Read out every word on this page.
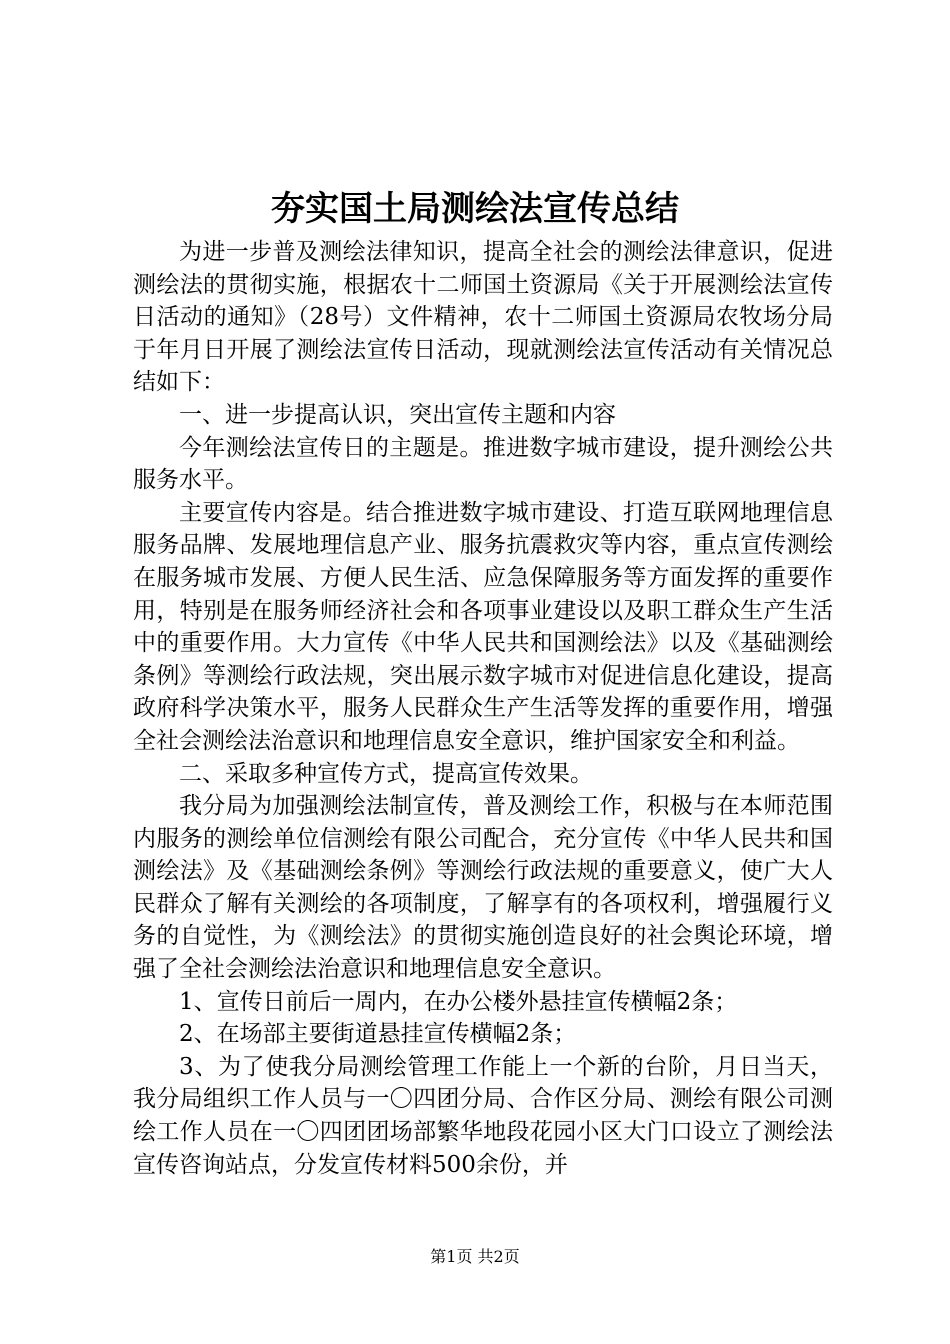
夯实国土局测绘法宣传总结

为进一步普及测绘法律知识，提高全社会的测绘法律意识，促进测绘法的贯彻实施，根据农十二师国土资源局《关于开展测绘法宣传日活动的通知》（28号）文件精神，农十二师国土资源局农牧场分局于年月日开展了测绘法宣传日活动，现就测绘法宣传活动有关情况总结如下：

一、进一步提高认识，突出宣传主题和内容

今年测绘法宣传日的主题是。推进数字城市建设，提升测绘公共服务水平。

主要宣传内容是。结合推进数字城市建设、打造互联网地理信息服务品牌、发展地理信息产业、服务抗震救灾等内容，重点宣传测绘在服务城市发展、方便人民生活、应急保障服务等方面发挥的重要作用，特别是在服务师经济社会和各项事业建设以及职工群众生产生活中的重要作用。大力宣传《中华人民共和国测绘法》以及《基础测绘条例》等测绘行政法规，突出展示数字城市对促进信息化建设，提高政府科学决策水平，服务人民群众生产生活等发挥的重要作用，增强全社会测绘法治意识和地理信息安全意识，维护国家安全和利益。

二、采取多种宣传方式，提高宣传效果。

我分局为加强测绘法制宣传，普及测绘工作，积极与在本师范围内服务的测绘单位信测绘有限公司配合，充分宣传《中华人民共和国测绘法》及《基础测绘条例》等测绘行政法规的重要意义，使广大人民群众了解有关测绘的各项制度，了解享有的各项权利，增强履行义务的自觉性，为《测绘法》的贯彻实施创造良好的社会舆论环境，增强了全社会测绘法治意识和地理信息安全意识。

1、宣传日前后一周内，在办公楼外悬挂宣传横幅2条；

2、在场部主要街道悬挂宣传横幅2条；

3、为了使我分局测绘管理工作能上一个新的台阶，月日当天，我分局组织工作人员与一〇四团分局、合作区分局、测绘有限公司测绘工作人员在一〇四团团场部繁华地段花园小区大门口设立了测绘法宣传咨询站点，分发宣传材料500余份，并

第1页 共2页
